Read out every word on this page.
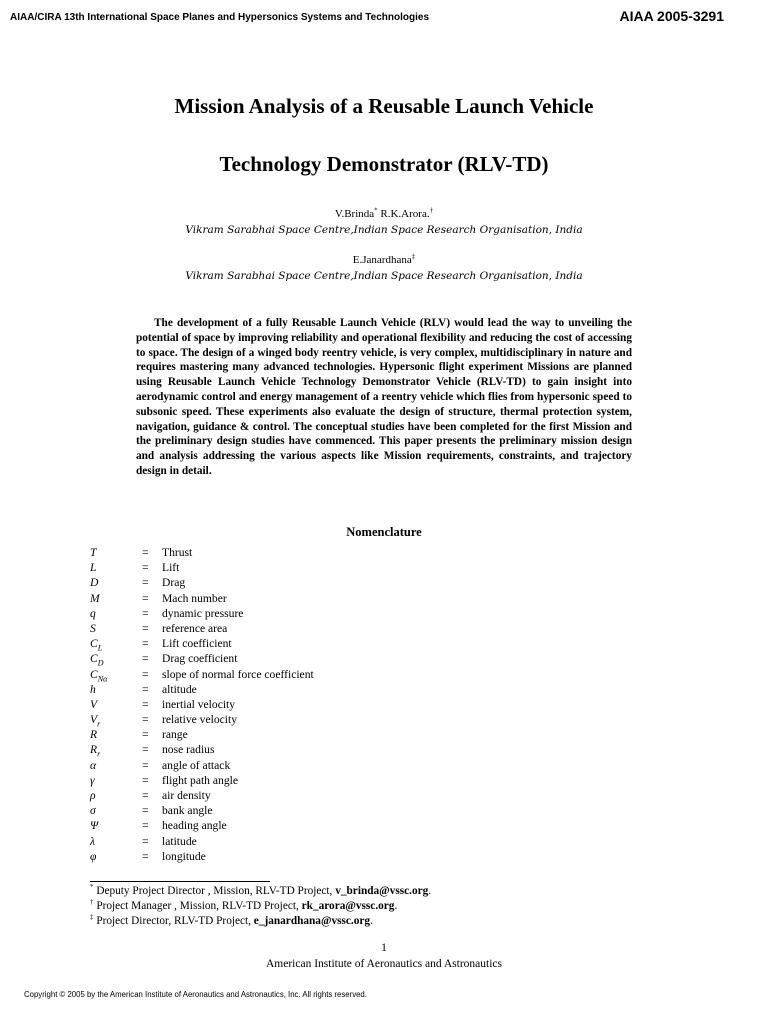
AIAA/CIRA 13th International Space Planes and Hypersonics Systems and Technologies	AIAA 2005-3291
Mission Analysis of a Reusable Launch Vehicle
Technology Demonstrator (RLV-TD)
V.Brinda* R.K.Arora.†
Vikram Sarabhai Space Centre,Indian Space Research Organisation, India
E.Janardhana‡
Vikram Sarabhai Space Centre,Indian Space Research Organisation, India
The development of a fully Reusable Launch Vehicle (RLV) would lead the way to unveiling the potential of space by improving reliability and operational flexibility and reducing the cost of accessing to space. The design of a winged body reentry vehicle, is very complex, multidisciplinary in nature and requires mastering many advanced technologies. Hypersonic flight experiment Missions are planned using Reusable Launch Vehicle Technology Demonstrator Vehicle (RLV-TD) to gain insight into aerodynamic control and energy management of a reentry vehicle which flies from hypersonic speed to subsonic speed. These experiments also evaluate the design of structure, thermal protection system, navigation, guidance & control. The conceptual studies have been completed for the first Mission and the preliminary design studies have commenced. This paper presents the preliminary mission design and analysis addressing the various aspects like Mission requirements, constraints, and trajectory design in detail.
Nomenclature
T	=	Thrust
L	=	Lift
D	=	Drag
M	=	Mach number
q	=	dynamic pressure
S	=	reference area
$C_L$	=	Lift coefficient
$C_D$	=	Drag coefficient
$C_{N\alpha}$	=	slope of normal force coefficient
h	=	altitude
V	=	inertial velocity
$V_r$	=	relative velocity
R	=	range
$R_r$	=	nose radius
α	=	angle of attack
γ	=	flight path angle
ρ	=	air density
σ	=	bank angle
Ψ	=	heading angle
λ	=	latitude
φ	=	longitude
* Deputy Project Director , Mission, RLV-TD Project, v_brinda@vssc.org.
† Project Manager , Mission, RLV-TD Project, rk_arora@vssc.org.
‡ Project Director, RLV-TD Project, e_janardhana@vssc.org.
1
American Institute of Aeronautics and Astronautics
Copyright © 2005 by the American Institute of Aeronautics and Astronautics, Inc. All rights reserved.
